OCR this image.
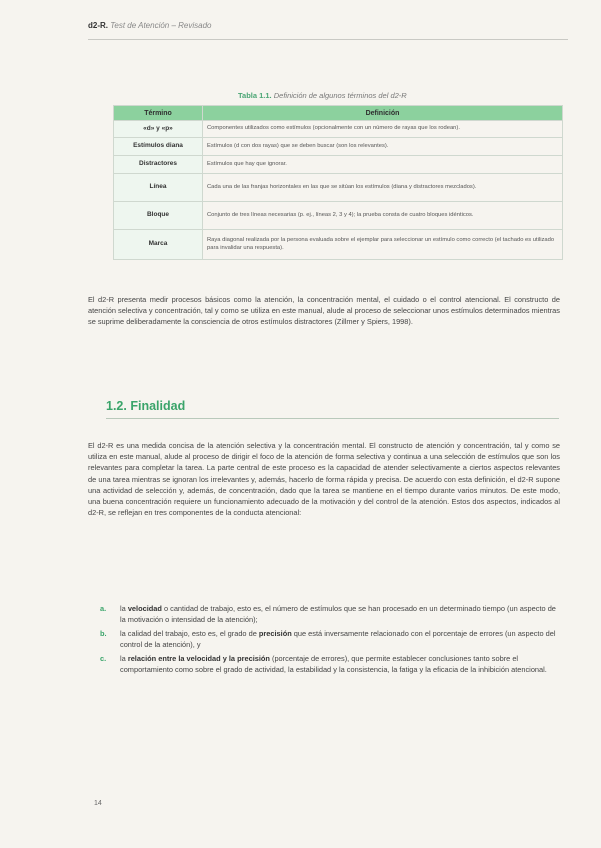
d2-R. Test de Atención – Revisado
Tabla 1.1. Definición de algunos términos del d2-R
Término	Definición
«d» y «p»	Componentes utilizados como estímulos (opcionalmente con un número de rayas que los rodean).
Estímulos diana	Estímulos (d con dos rayas) que se deben buscar (son los relevantes).
Distractores	Estímulos que hay que ignorar.
Línea	Cada una de las franjas horizontales en las que se sitúan los estímulos (diana y distractores mezclados).
Bloque	Conjunto de tres líneas necesarias (p. ej., líneas 2, 3 y 4); la prueba consta de cuatro bloques idénticos.
Marca	Raya diagonal realizada por la persona evaluada sobre el ejemplar para seleccionar un estímulo como correcto (el tachado es utilizado para invalidar una respuesta).
El d2-R presenta medir procesos básicos como la atención, la concentración mental, el cuidado o el control atencional. El constructo de atención selectiva y concentración, tal y como se utiliza en este manual, alude al proceso de seleccionar unos estímulos determinados mientras se suprime deliberadamente la consciencia de otros estímulos distractores (Zillmer y Spiers, 1998).
1.2. Finalidad
El d2-R es una medida concisa de la atención selectiva y la concentración mental. El constructo de atención y concentración, tal y como se utiliza en este manual, alude al proceso de dirigir el foco de la atención de forma selectiva y continua a una selección de estímulos que son los relevantes para completar la tarea. La parte central de este proceso es la capacidad de atender selectivamente a ciertos aspectos relevantes de una tarea mientras se ignoran los irrelevantes y, además, hacerlo de forma rápida y precisa. De acuerdo con esta definición, el d2-R supone una actividad de selección y, además, de concentración, dado que la tarea se mantiene en el tiempo durante varios minutos. De este modo, una buena concentración requiere un funcionamiento adecuado de la motivación y del control de la atención. Estos dos aspectos, indicados al d2-R, se reflejan en tres componentes de la conducta atencional:
a. la velocidad o cantidad de trabajo, esto es, el número de estímulos que se han procesado en un determinado tiempo (un aspecto de la motivación o intensidad de la atención);
b. la calidad del trabajo, esto es, el grado de precisión que está inversamente relacionado con el porcentaje de errores (un aspecto del control de la atención), y
c. la relación entre la velocidad y la precisión (porcentaje de errores), que permite establecer conclusiones tanto sobre el comportamiento como sobre el grado de actividad, la estabilidad y la consistencia, la fatiga y la eficacia de la inhibición atencional.
14
